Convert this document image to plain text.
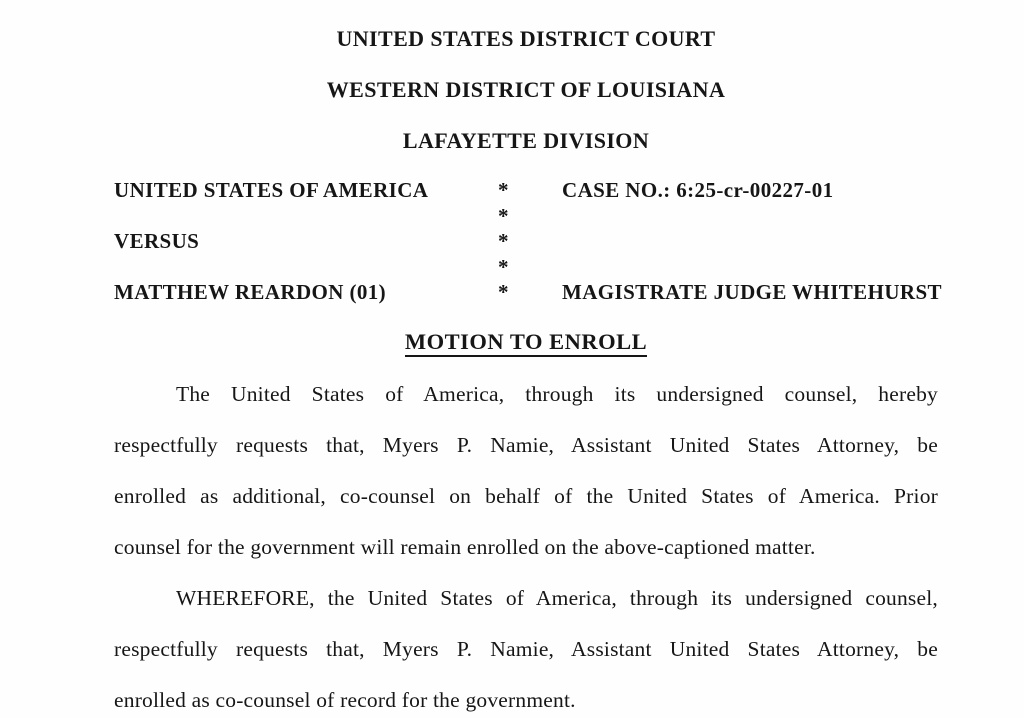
UNITED STATES DISTRICT COURT
WESTERN DISTRICT OF LOUISIANA
LAFAYETTE DIVISION
UNITED STATES OF AMERICA	*	CASE NO.: 6:25-cr-00227-01
*
VERSUS	*
*
MATTHEW REARDON (01)	*	MAGISTRATE JUDGE WHITEHURST
MOTION TO ENROLL
The United States of America, through its undersigned counsel, hereby
respectfully requests that, Myers P. Namie, Assistant United States Attorney, be
enrolled as additional, co-counsel on behalf of the United States of America. Prior
counsel for the government will remain enrolled on the above-captioned matter.
WHEREFORE, the United States of America, through its undersigned counsel,
respectfully requests that, Myers P. Namie, Assistant United States Attorney, be
enrolled as co-counsel of record for the government.
